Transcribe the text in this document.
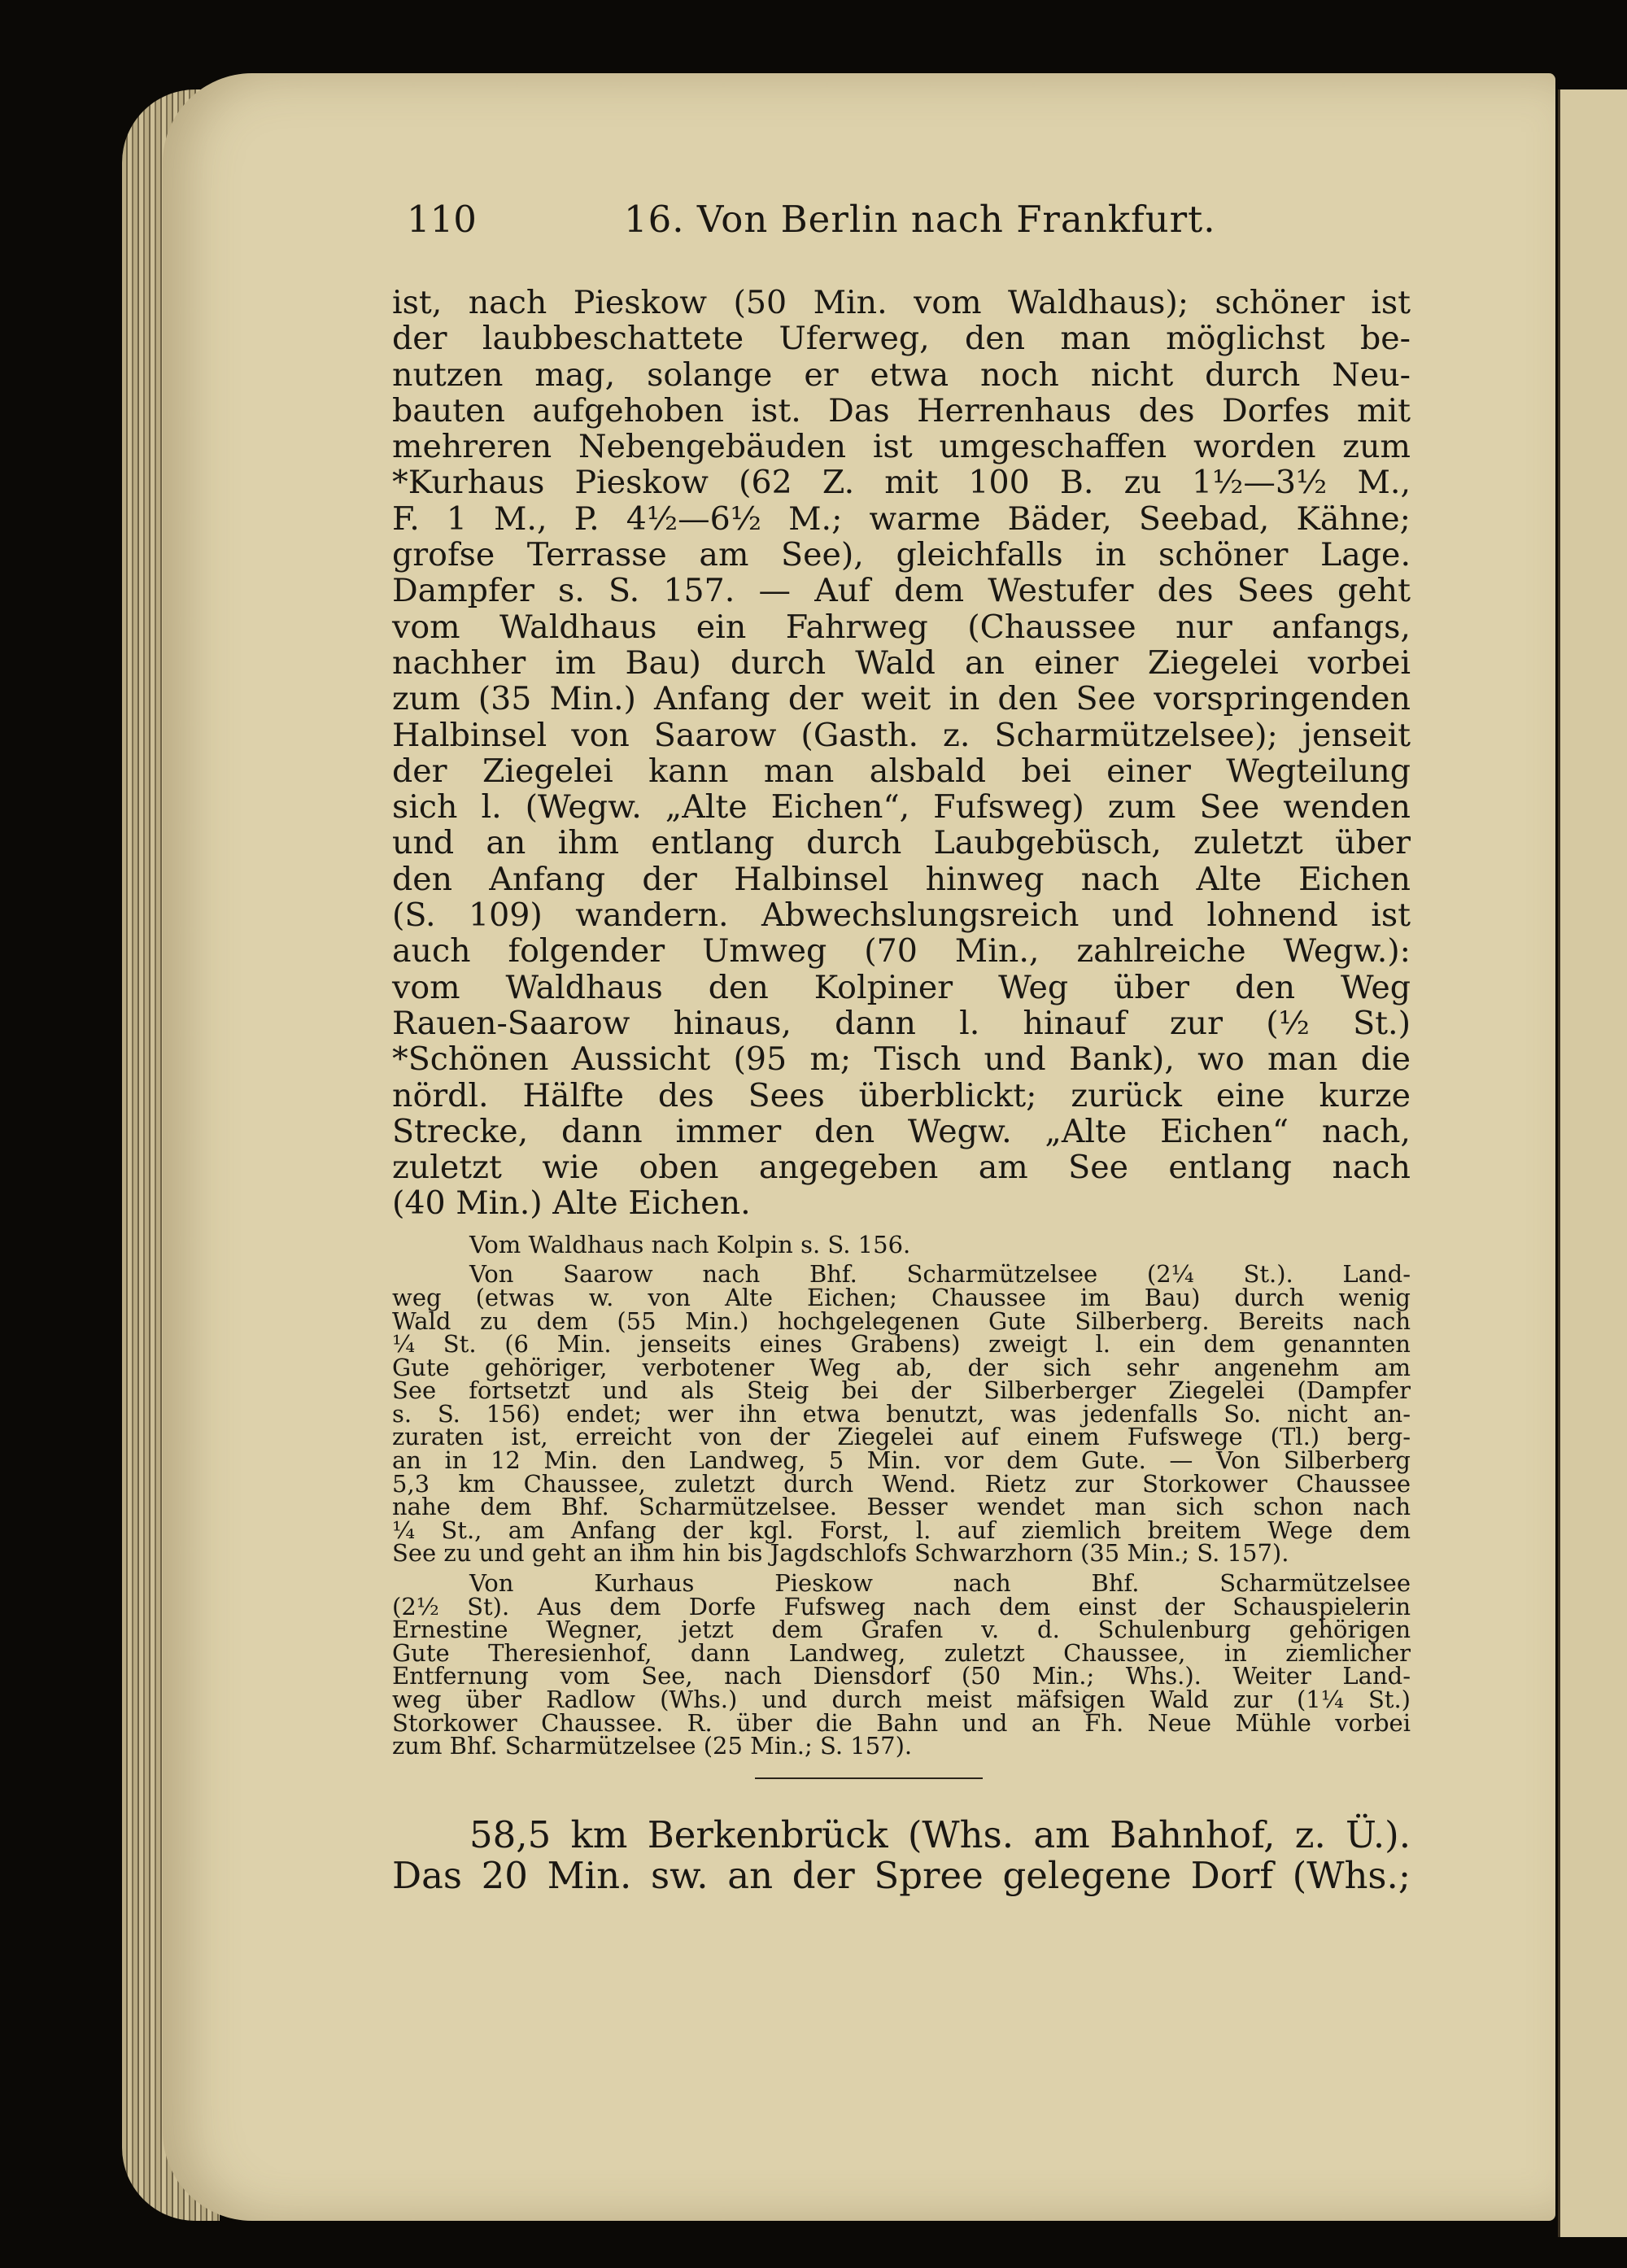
110	16. Von Berlin nach Frankfurt.
ist, nach Pieskow (50 Min. vom Waldhaus); schöner ist
der laubbeschattete Uferweg, den man möglichst be-
nutzen mag, solange er etwa noch nicht durch Neu-
bauten aufgehoben ist. Das Herrenhaus des Dorfes mit
mehreren Nebengebäuden ist umgeschaffen worden zum
*Kurhaus Pieskow (62 Z. mit 100 B. zu 1½—3½ M.,
F. 1 M., P. 4½—6½ M.; warme Bäder, Seebad, Kähne;
grofse Terrasse am See), gleichfalls in schöner Lage.
Dampfer s. S. 157. — Auf dem Westufer des Sees geht
vom Waldhaus ein Fahrweg (Chaussee nur anfangs,
nachher im Bau) durch Wald an einer Ziegelei vorbei
zum (35 Min.) Anfang der weit in den See vorspringenden
Halbinsel von Saarow (Gasth. z. Scharmützelsee); jenseit
der Ziegelei kann man alsbald bei einer Wegteilung
sich l. (Wegw. „Alte Eichen“, Fufsweg) zum See wenden
und an ihm entlang durch Laubgebüsch, zuletzt über
den Anfang der Halbinsel hinweg nach Alte Eichen
(S. 109) wandern. Abwechslungsreich und lohnend ist
auch folgender Umweg (70 Min., zahlreiche Wegw.):
vom Waldhaus den Kolpiner Weg über den Weg
Rauen-Saarow hinaus, dann l. hinauf zur (½ St.)
*Schönen Aussicht (95 m; Tisch und Bank), wo man die
nördl. Hälfte des Sees überblickt; zurück eine kurze
Strecke, dann immer den Wegw. „Alte Eichen“ nach,
zuletzt wie oben angegeben am See entlang nach
(40 Min.) Alte Eichen.
Vom Waldhaus nach Kolpin s. S. 156.
Von Saarow nach Bhf. Scharmützelsee (2¼ St.). Land-
weg (etwas w. von Alte Eichen; Chaussee im Bau) durch wenig
Wald zu dem (55 Min.) hochgelegenen Gute Silberberg. Bereits nach
¼ St. (6 Min. jenseits eines Grabens) zweigt l. ein dem genannten
Gute gehöriger, verbotener Weg ab, der sich sehr angenehm am
See fortsetzt und als Steig bei der Silberberger Ziegelei (Dampfer
s. S. 156) endet; wer ihn etwa benutzt, was jedenfalls So. nicht an-
zuraten ist, erreicht von der Ziegelei auf einem Fufswege (Tl.) berg-
an in 12 Min. den Landweg, 5 Min. vor dem Gute. — Von Silberberg
5,3 km Chaussee, zuletzt durch Wend. Rietz zur Storkower Chaussee
nahe dem Bhf. Scharmützelsee. Besser wendet man sich schon nach
¼ St., am Anfang der kgl. Forst, l. auf ziemlich breitem Wege dem
See zu und geht an ihm hin bis Jagdschlofs Schwarzhorn (35 Min.; S. 157).
Von Kurhaus Pieskow nach Bhf. Scharmützelsee
(2½ St). Aus dem Dorfe Fufsweg nach dem einst der Schauspielerin
Ernestine Wegner, jetzt dem Grafen v. d. Schulenburg gehörigen
Gute Theresienhof, dann Landweg, zuletzt Chaussee, in ziemlicher
Entfernung vom See, nach Diensdorf (50 Min.; Whs.). Weiter Land-
weg über Radlow (Whs.) und durch meist mäfsigen Wald zur (1¼ St.)
Storkower Chaussee. R. über die Bahn und an Fh. Neue Mühle vorbei
zum Bhf. Scharmützelsee (25 Min.; S. 157).
58,5 km Berkenbrück (Whs. am Bahnhof, z. Ü.).
Das 20 Min. sw. an der Spree gelegene Dorf (Whs.;
